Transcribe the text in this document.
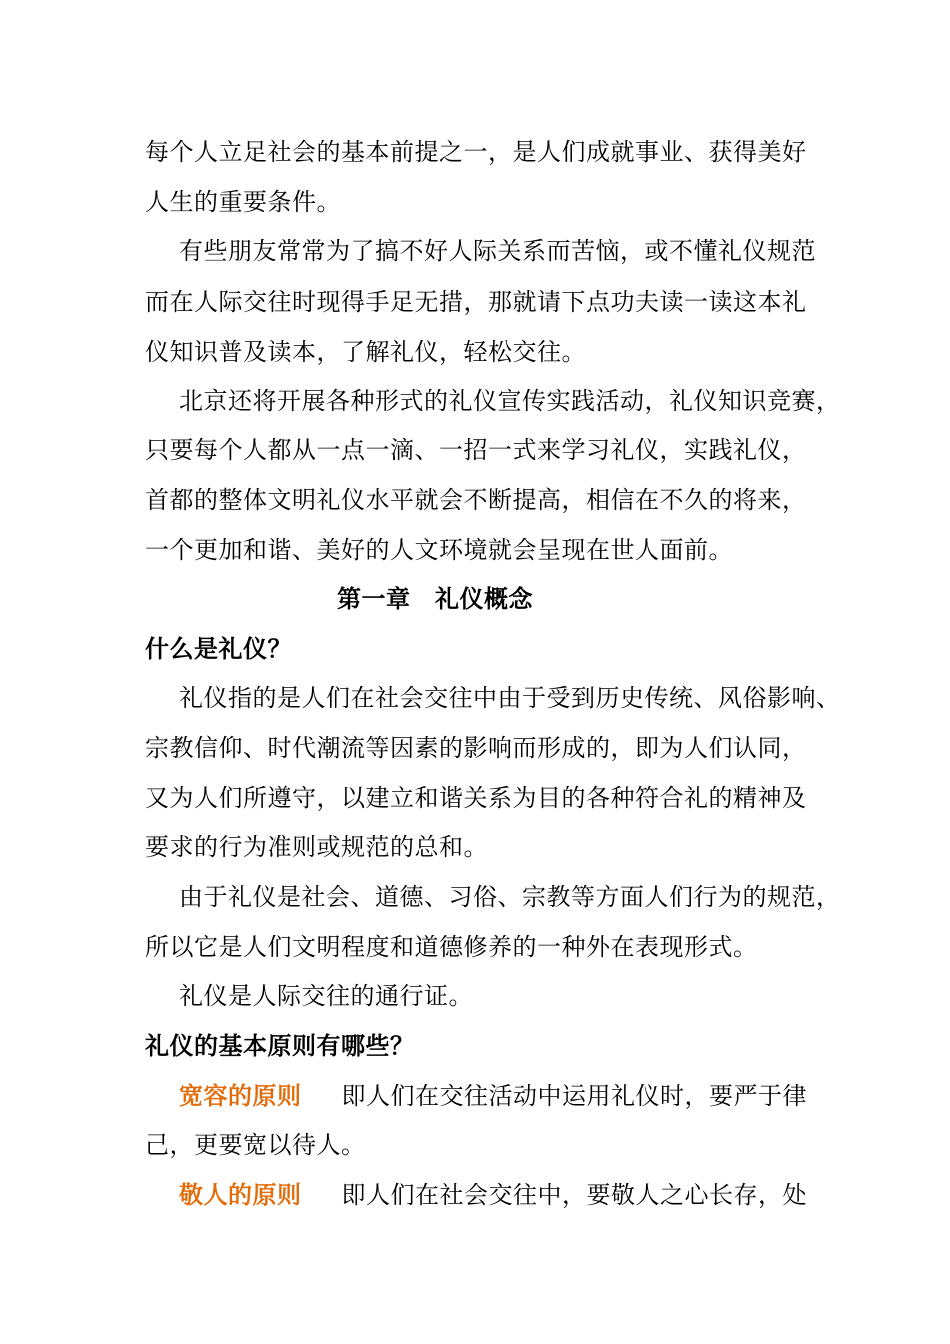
每个人立足社会的基本前提之一，是人们成就事业、获得美好
人生的重要条件。
有些朋友常常为了搞不好人际关系而苦恼，或不懂礼仪规范
而在人际交往时现得手足无措，那就请下点功夫读一读这本礼
仪知识普及读本，了解礼仪，轻松交往。
北京还将开展各种形式的礼仪宣传实践活动，礼仪知识竞赛，
只要每个人都从一点一滴、一招一式来学习礼仪，实践礼仪，
首都的整体文明礼仪水平就会不断提高，相信在不久的将来，
一个更加和谐、美好的人文环境就会呈现在世人面前。
第一章　礼仪概念
什么是礼仪？
礼仪指的是人们在社会交往中由于受到历史传统、风俗影响、
宗教信仰、时代潮流等因素的影响而形成的，即为人们认同，
又为人们所遵守，以建立和谐关系为目的各种符合礼的精神及
要求的行为准则或规范的总和。
由于礼仪是社会、道德、习俗、宗教等方面人们行为的规范，
所以它是人们文明程度和道德修养的一种外在表现形式。
礼仪是人际交往的通行证。
礼仪的基本原则有哪些？
宽容的原则 即人们在交往活动中运用礼仪时，要严于律
己，更要宽以待人。
敬人的原则 即人们在社会交往中，要敬人之心长存，处
